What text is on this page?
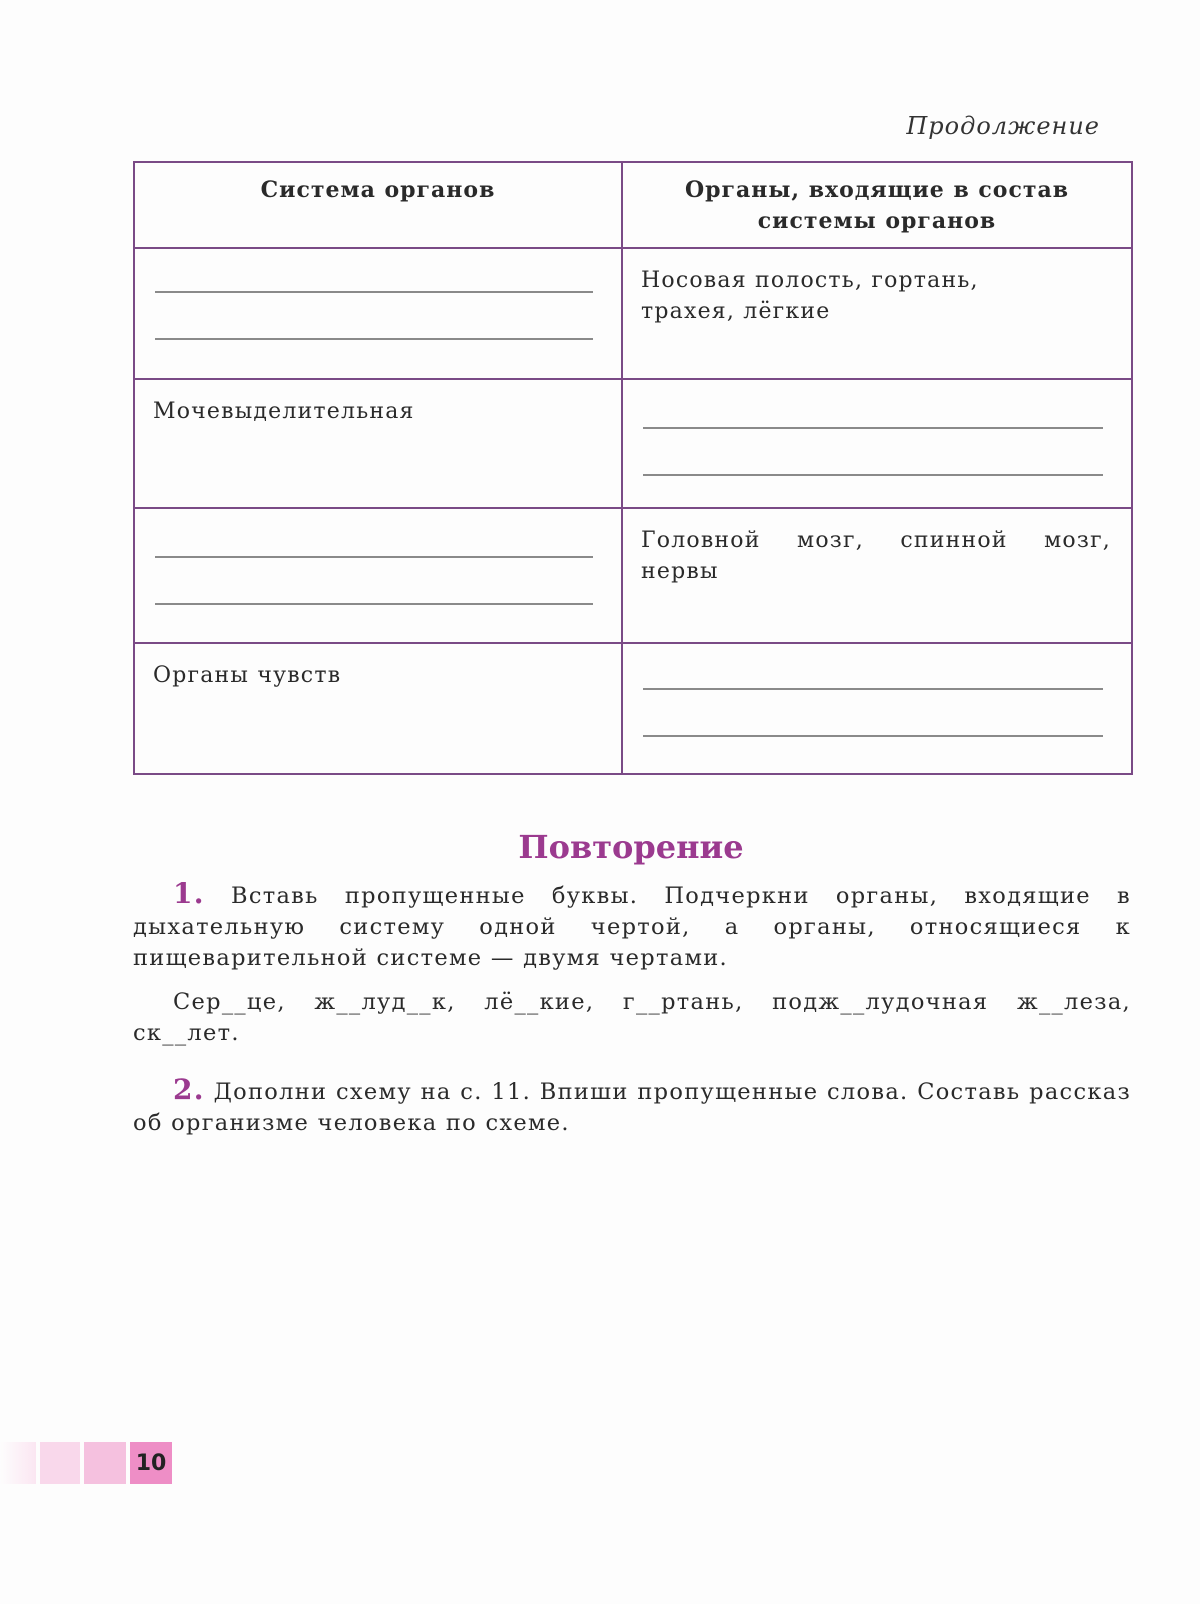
Продолжение
Система органов	Органы, входящие в состав системы органов

	Носовая полость, гортань, трахея, лёгкие

Мочевыделительная	

	Головной мозг, спинной мозг, нервы

Органы чувств	

Повторение

1. Вставь пропущенные буквы. Подчеркни органы, входящие в дыхательную систему одной чертой, а органы, относящиеся к пищеварительной системе — двумя чертами.

Сер__це, ж__луд__к, лё__кие, г__ртань, подж__лудочная ж__леза, ск__лет.

2. Дополни схему на с. 11. Впиши пропущенные слова. Составь рассказ об организме человека по схеме.

10
